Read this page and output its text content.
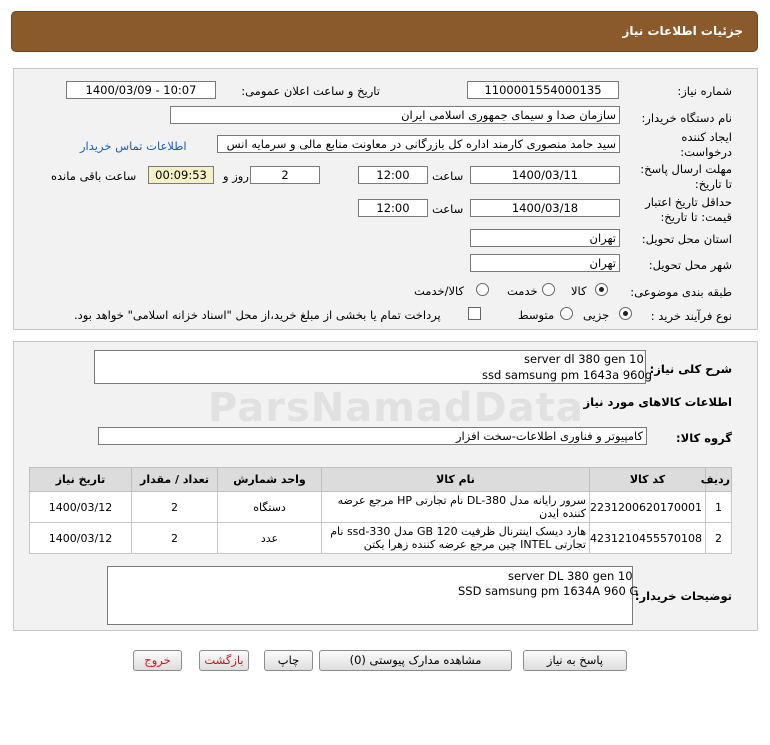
جزئیات اطلاعات نیاز
شماره نیاز:
1100001554000135
تاریخ و ساعت اعلان عمومی:
1400/03/09 - 10:07
نام دستگاه خریدار:
سازمان صدا و سیمای جمهوری اسلامی ایران
ایجاد کننده
درخواست:
سید حامد منصوری کارمند اداره کل بازرگانی در معاونت منابع مالی و سرمایه انس
اطلاعات تماس خریدار
مهلت ارسال پاسخ:
تا تاریخ:
1400/03/11
ساعت
12:00
2
روز و
00:09:53
ساعت باقی مانده
حداقل تاریخ اعتبار
قیمت: تا تاریخ:
1400/03/18
ساعت
12:00
استان محل تحویل:
تهران
شهر محل تحویل:
تهران
طبقه بندی موضوعی:
کالا
خدمت
کالا/خدمت
نوع فرآیند خرید :
جزیی
متوسط
پرداخت تمام یا بخشی از مبلغ خرید،از محل "اسناد خزانه اسلامی" خواهد بود.
شرح کلی نیاز:
server dl 380 gen 10
ssd samsung pm 1643a 960g
اطلاعات کالاهای مورد نیاز
گروه کالا:
کامپیوتر و فناوری اطلاعات-سخت افزار
ردیف	کد کالا	نام کالا	واحد شمارش	تعداد / مقدار	تاریخ نیاز
1	2231200620170001	سرور رایانه مدل DL-380 نام تجارتی HP مرجع عرضه کننده ایدن	دستگاه	2	1400/03/12
2	4231210455570108	هارد دیسک اینترنال ظرفیت GB 120 مدل ssd-330 نام تجارتی INTEL چین مرجع عرضه کننده زهرا یکتن	عدد	2	1400/03/12
توضیحات خریدار:
server DL 380 gen 10
SSD samsung pm 1634A 960 G
پاسخ به نیاز
مشاهده مدارک پیوستی (0)
چاپ
بازگشت
خروج
